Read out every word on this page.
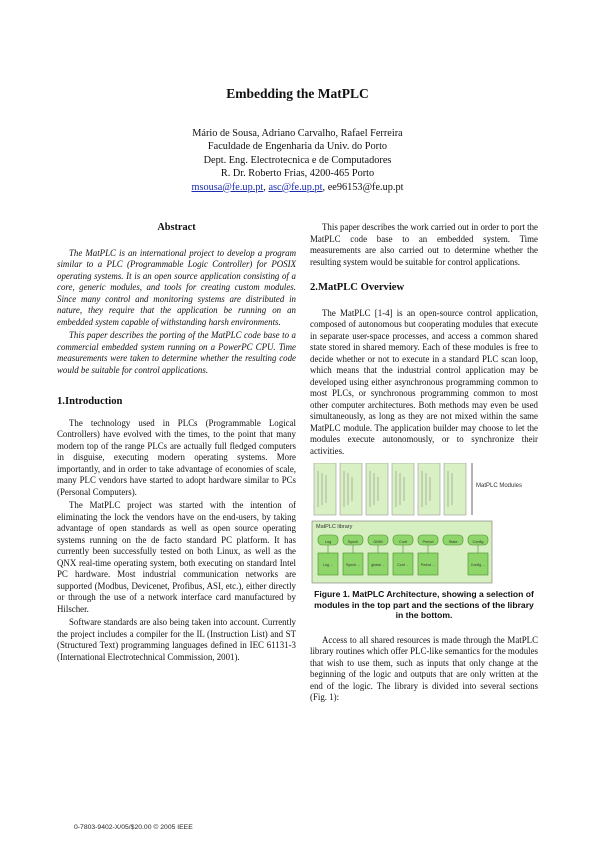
Embedding the MatPLC
Mário de Sousa, Adriano Carvalho, Rafael Ferreira
Faculdade de Engenharia da Univ. do Porto
Dept. Eng. Electrotecnica e de Computadores
R. Dr. Roberto Frias, 4200-465 Porto
msousa@fe.up.pt, asc@fe.up.pt, ee96153@fe.up.pt
Abstract

The MatPLC is an international project to develop a program similar to a PLC (Programmable Logic Controller) for POSIX operating systems. It is an open source application consisting of a core, generic modules, and tools for creating custom modules. Since many control and monitoring systems are distributed in nature, they require that the application be running on an embedded system capable of withstanding harsh environments.

This paper describes the porting of the MatPLC code base to a commercial embedded system running on a PowerPC CPU. Time measurements were taken to determine whether the resulting code would be suitable for control applications.

1.Introduction

The technology used in PLCs (Programmable Logical Controllers) have evolved with the times, to the point that many modern top of the range PLCs are actually full fledged computers in disguise, executing modern operating systems. More importantly, and in order to take advantage of economies of scale, many PLC vendors have started to adopt hardware similar to PCs (Personal Computers).

The MatPLC project was started with the intention of eliminating the lock the vendors have on the end-users, by taking advantage of open standards as well as open source operating systems running on the de facto standard PC platform. It has currently been successfully tested on both Linux, as well as the QNX real-time operating system, both executing on standard Intel PC hardware. Most industrial communication networks are supported (Modbus, Devicenet, Profibus, ASI, etc.), either directly or through the use of a network interface card manufactured by Hilscher.

Software standards are also being taken into account. Currently the project includes a compiler for the IL (Instruction List) and ST (Structured Text) programming languages defined in IEC 61131-3 (International Electrotechnical Commission, 2001).

This paper describes the work carried out in order to port the MatPLC code base to an embedded system. Time measurements are also carried out to determine whether the resulting system would be suitable for control applications.

2.MatPLC Overview

The MatPLC [1-4] is an open-source control application, composed of autonomous but cooperating modules that execute in separate user-space processes, and access a common shared state stored in shared memory. Each of these modules is free to decide whether or not to execute in a standard PLC scan loop, which means that the industrial control application may be developed using either asynchronous programming common to most PLCs, or synchronous programming common to most other computer architectures. Both methods may even be used simultaneously, as long as they are not mixed within the same MatPLC module. The application builder may choose to let the modules execute autonomously, or to synchronize their activities.

MatPLC Modules
MatPLC library
Log	Synch	GMM	Conf	Period	State	Config
Log ...	Synch ...	global ...	Conf ...	Period ...	Config ...
Figure 1. MatPLC Architecture, showing a selection of modules in the top part and the sections of the library in the bottom.

Access to all shared resources is made through the MatPLC library routines which offer PLC-like semantics for the modules that wish to use them, such as inputs that only change at the beginning of the logic and outputs that are only written at the end of the logic. The library is divided into several sections (Fig. 1):

0-7803-9402-X/05/$20.00 © 2005 IEEE
